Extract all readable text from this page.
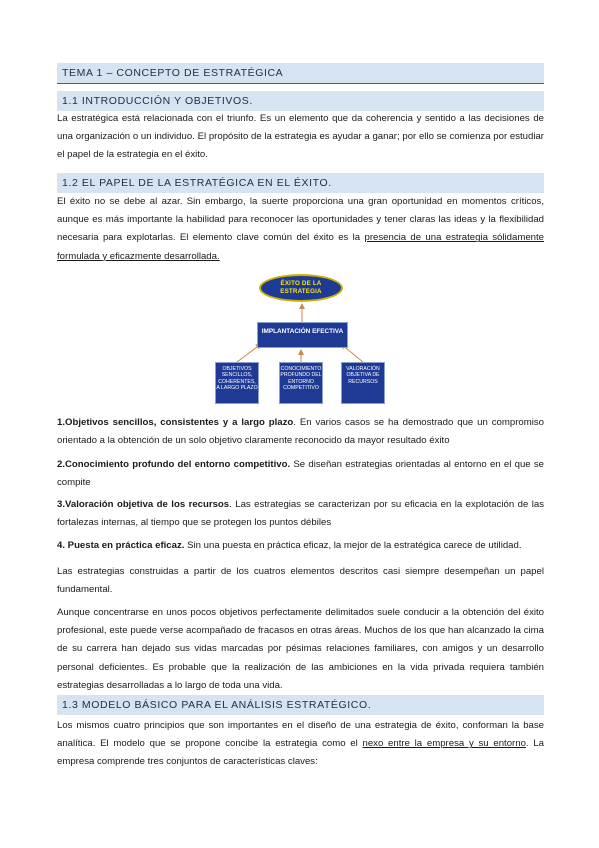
TEMA 1 – CONCEPTO DE ESTRATÉGICA
1.1 INTRODUCCIÓN Y OBJETIVOS.

La estratégica está relacionada con el triunfo. Es un elemento que da coherencia y sentido a las decisiones de una organización o un individuo. El propósito de la estrategia es ayudar a ganar; por ello se comienza por estudiar el papel de la estrategia en el éxito.

1.2 EL PAPEL DE LA ESTRATÉGICA EN EL ÉXITO.

El éxito no se debe al azar. Sin embargo, la suerte proporciona una gran oportunidad en momentos críticos, aunque es más importante la habilidad para reconocer las oportunidades y tener claras las ideas y la flexibilidad necesaria para explotarlas. El elemento clave común del éxito es la presencia de una estrategia sólidamente formulada y eficazmente desarrollada.

ÉXITO DE LA ESTRATEGIA
IMPLANTACIÓN EFECTIVA
OBJETIVOS SENCILLOS, COHERENTES, A LARGO PLAZO
CONOCIMIENTO PROFUNDO DEL ENTORNO COMPETITIVO
VALORACIÓN OBJETIVA DE RECURSOS

1.Objetivos sencillos, consistentes y a largo plazo. En varios casos se ha demostrado que un compromiso orientado a la obtención de un solo objetivo claramente reconocido da mayor resultado éxito

2.Conocimiento profundo del entorno competitivo. Se diseñan estrategias orientadas al entorno en el que se compite

3.Valoración objetiva de los recursos. Las estrategias se caracterizan por su eficacia en la explotación de las fortalezas internas, al tiempo que se protegen los puntos débiles

4. Puesta en práctica eficaz. Sin una puesta en práctica eficaz, la mejor de la estratégica carece de utilidad.

Las estrategias construidas a partir de los cuatros elementos descritos casi siempre desempeñan un papel fundamental.

Aunque concentrarse en unos pocos objetivos perfectamente delimitados suele conducir a la obtención del éxito profesional, este puede verse acompañado de fracasos en otras áreas. Muchos de los que han alcanzado la cima de su carrera han dejado sus vidas marcadas por pésimas relaciones familiares, con amigos y un desarrollo personal deficientes. Es probable que la realización de las ambiciones en la vida privada requiera también estrategias desarrolladas a lo largo de toda una vida.

1.3 MODELO BÁSICO PARA EL ANÁLISIS ESTRATÉGICO.

Los mismos cuatro principios que son importantes en el diseño de una estrategia de éxito, conforman la base analítica. El modelo que se propone concibe la estrategia como el nexo entre la empresa y su entorno. La empresa comprende tres conjuntos de características claves:
